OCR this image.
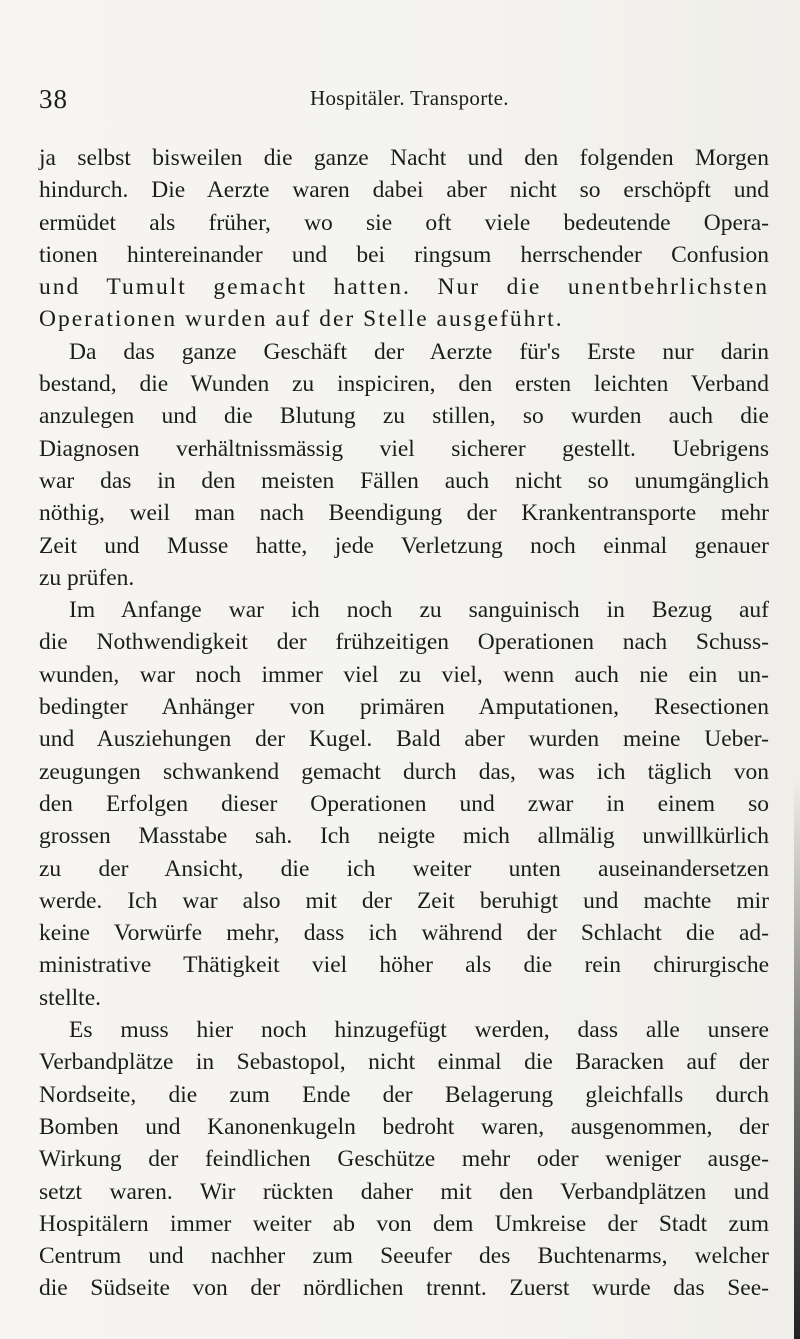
38	Hospitäler. Transporte.
ja selbst bisweilen die ganze Nacht und den folgenden Morgen
hindurch. Die Aerzte waren dabei aber nicht so erschöpft und
ermüdet als früher, wo sie oft viele bedeutende Opera-
tionen hintereinander und bei ringsum herrschender Confusion
und Tumult gemacht hatten. Nur die unentbehrlichsten
Operationen wurden auf der Stelle ausgeführt.
Da das ganze Geschäft der Aerzte für's Erste nur darin
bestand, die Wunden zu inspiciren, den ersten leichten Verband
anzulegen und die Blutung zu stillen, so wurden auch die
Diagnosen verhältnissmässig viel sicherer gestellt. Uebrigens
war das in den meisten Fällen auch nicht so unumgänglich
nöthig, weil man nach Beendigung der Krankentransporte mehr
Zeit und Musse hatte, jede Verletzung noch einmal genauer
zu prüfen.
Im Anfange war ich noch zu sanguinisch in Bezug auf
die Nothwendigkeit der frühzeitigen Operationen nach Schuss-
wunden, war noch immer viel zu viel, wenn auch nie ein un-
bedingter Anhänger von primären Amputationen, Resectionen
und Ausziehungen der Kugel. Bald aber wurden meine Ueber-
zeugungen schwankend gemacht durch das, was ich täglich von
den Erfolgen dieser Operationen und zwar in einem so
grossen Masstabe sah. Ich neigte mich allmälig unwillkürlich
zu der Ansicht, die ich weiter unten auseinandersetzen
werde. Ich war also mit der Zeit beruhigt und machte mir
keine Vorwürfe mehr, dass ich während der Schlacht die ad-
ministrative Thätigkeit viel höher als die rein chirurgische
stellte.
Es muss hier noch hinzugefügt werden, dass alle unsere
Verbandplätze in Sebastopol, nicht einmal die Baracken auf der
Nordseite, die zum Ende der Belagerung gleichfalls durch
Bomben und Kanonenkugeln bedroht waren, ausgenommen, der
Wirkung der feindlichen Geschütze mehr oder weniger ausge-
setzt waren. Wir rückten daher mit den Verbandplätzen und
Hospitälern immer weiter ab von dem Umkreise der Stadt zum
Centrum und nachher zum Seeufer des Buchtenarms, welcher
die Südseite von der nördlichen trennt. Zuerst wurde das See-
